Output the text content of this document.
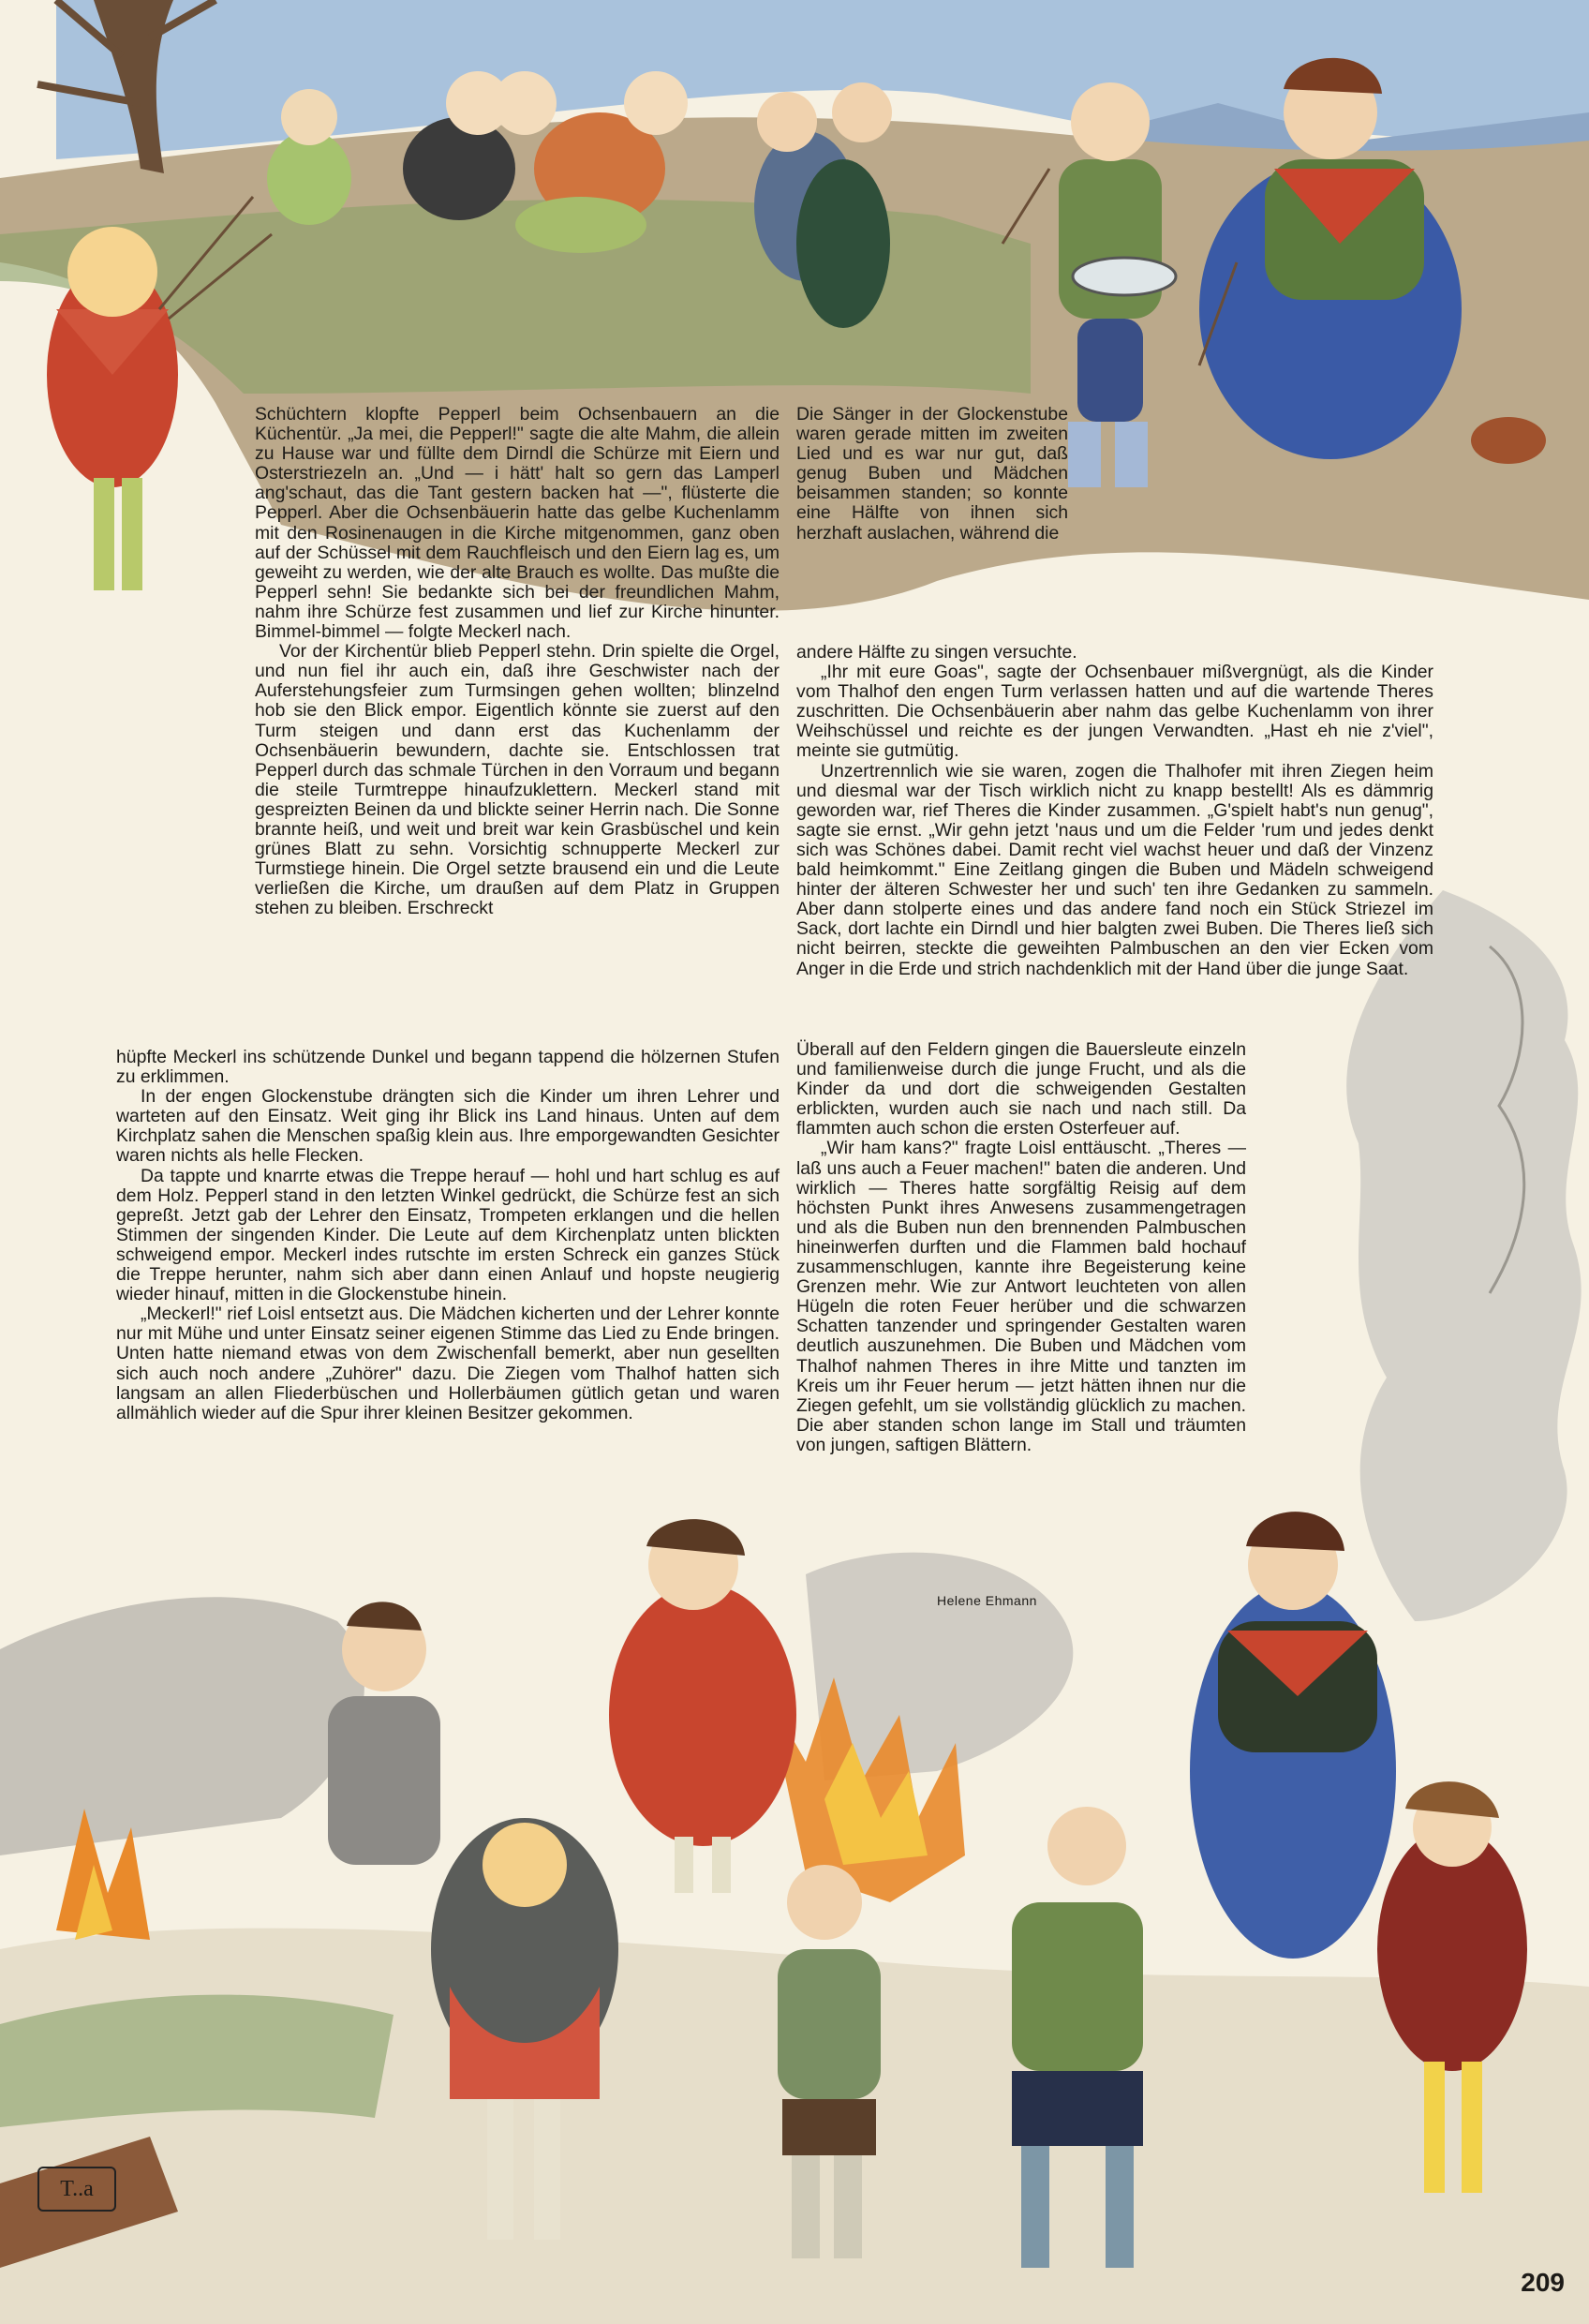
Schüchtern klopfte Pepperl beim Ochsenbauern an die Küchentür. „Ja mei, die Pepperl!" sagte die alte Mahm, die allein zu Hause war und füllte dem Dirndl die Schürze mit Eiern und Osterstriezeln an. „Und — i hätt' halt so gern das Lamperl ang'schaut, das die Tant gestern backen hat —", flüsterte die Pepperl. Aber die Ochsenbäuerin hatte das gelbe Kuchenlamm mit den Rosinenaugen in die Kirche mitgenommen, ganz oben auf der Schüssel mit dem Rauchfleisch und den Eiern lag es, um geweiht zu werden, wie der alte Brauch es wollte. Das mußte die Pepperl sehn! Sie bedankte sich bei der freundlichen Mahm, nahm ihre Schürze fest zusammen und lief zur Kirche hinunter. Bimmel-bimmel — folgte Meckerl nach.

Vor der Kirchentür blieb Pepperl stehn. Drin spielte die Orgel, und nun fiel ihr auch ein, daß ihre Geschwister nach der Auferstehungsfeier zum Turmsingen gehen wollten; blinzelnd hob sie den Blick empor. Eigentlich könnte sie zuerst auf den Turm steigen und dann erst das Kuchenlamm der Ochsenbäuerin bewundern, dachte sie. Entschlossen trat Pepperl durch das schmale Türchen in den Vorraum und begann die steile Turmtreppe hinaufzuklettern. Meckerl stand mit gespreizten Beinen da und blickte seiner Herrin nach. Die Sonne brannte heiß, und weit und breit war kein Grasbüschel und kein grünes Blatt zu sehn. Vorsichtig schnupperte Meckerl zur Turmstiege hinein. Die Orgel setzte brausend ein und die Leute verließen die Kirche, um draußen auf dem Platz in Gruppen stehen zu bleiben. Erschreckt

hüpfte Meckerl ins schützende Dunkel und begann tappend die hölzernen Stufen zu erklimmen.

In der engen Glockenstube drängten sich die Kinder um ihren Lehrer und warteten auf den Einsatz. Weit ging ihr Blick ins Land hinaus. Unten auf dem Kirchplatz sahen die Menschen spaßig klein aus. Ihre emporgewandten Gesichter waren nichts als helle Flecken.

Da tappte und knarrte etwas die Treppe herauf — hohl und hart schlug es auf dem Holz. Pepperl stand in den letzten Winkel gedrückt, die Schürze fest an sich gepreßt. Jetzt gab der Lehrer den Einsatz, Trompeten erklangen und die hellen Stimmen der singenden Kinder. Die Leute auf dem Kirchenplatz unten blickten schweigend empor. Meckerl indes rutschte im ersten Schreck ein ganzes Stück die Treppe herunter, nahm sich aber dann einen Anlauf und hopste neugierig wieder hinauf, mitten in die Glockenstube hinein.

„Meckerl!" rief Loisl entsetzt aus. Die Mädchen kicherten und der Lehrer konnte nur mit Mühe und unter Einsatz seiner eigenen Stimme das Lied zu Ende bringen. Unten hatte niemand etwas von dem Zwischenfall bemerkt, aber nun gesellten sich auch noch andere „Zuhörer" dazu. Die Ziegen vom Thalhof hatten sich langsam an allen Fliederbüschen und Hollerbäumen gütlich getan und waren allmählich wieder auf die Spur ihrer kleinen Besitzer gekommen.

Die Sänger in der Glockenstube waren gerade mitten im zweiten Lied und es war nur gut, daß genug Buben und Mädchen beisammen standen; so konnte eine Hälfte von ihnen sich herzhaft auslachen, während die

andere Hälfte zu singen versuchte.

„Ihr mit eure Goas", sagte der Ochsenbauer mißvergnügt, als die Kinder vom Thalhof den engen Turm verlassen hatten und auf die wartende Theres zuschritten. Die Ochsenbäuerin aber nahm das gelbe Kuchenlamm von ihrer Weihschüssel und reichte es der jungen Verwandten. „Hast eh nie z'viel", meinte sie gutmütig.

Unzertrennlich wie sie waren, zogen die Thalhofer mit ihren Ziegen heim und diesmal war der Tisch wirklich nicht zu knapp bestellt! Als es dämmrig geworden war, rief Theres die Kinder zusammen. „G'spielt habt's nun genug", sagte sie ernst. „Wir gehn jetzt 'naus und um die Felder 'rum und jedes denkt sich was Schönes dabei. Damit recht viel wachst heuer und daß der Vinzenz bald heimkommt." Eine Zeitlang gingen die Buben und Mädeln schweigend hinter der älteren Schwester her und such' ten ihre Gedanken zu sammeln. Aber dann stolperte eines und das andere fand noch ein Stück Striezel im Sack, dort lachte ein Dirndl und hier balgten zwei Buben. Die Theres ließ sich nicht beirren, steckte die geweihten Palmbuschen an den vier Ecken vom Anger in die Erde und strich nachdenklich mit der Hand über die junge Saat.

Überall auf den Feldern gingen die Bauersleute einzeln und familienweise durch die junge Frucht, und als die Kinder da und dort die schweigenden Gestalten erblickten, wurden auch sie nach und nach still. Da flammten auch schon die ersten Osterfeuer auf.

„Wir ham kans?" fragte Loisl enttäuscht. „Theres — laß uns auch a Feuer machen!" baten die anderen. Und wirklich — Theres hatte sorgfältig Reisig auf dem höchsten Punkt ihres Anwesens zusammengetragen und als die Buben nun den brennenden Palmbuschen hineinwerfen durften und die Flammen bald hochauf zusammenschlugen, kannte ihre Begeisterung keine Grenzen mehr. Wie zur Antwort leuchteten von allen Hügeln die roten Feuer herüber und die schwarzen Schatten tanzender und springender Gestalten waren deutlich auszunehmen. Die Buben und Mädchen vom Thalhof nahmen Theres in ihre Mitte und tanzten im Kreis um ihr Feuer herum — jetzt hätten ihnen nur die Ziegen gefehlt, um sie vollständig glücklich zu machen. Die aber standen schon lange im Stall und träumten von jungen, saftigen Blättern.

Helene Ehmann
T..a
209
